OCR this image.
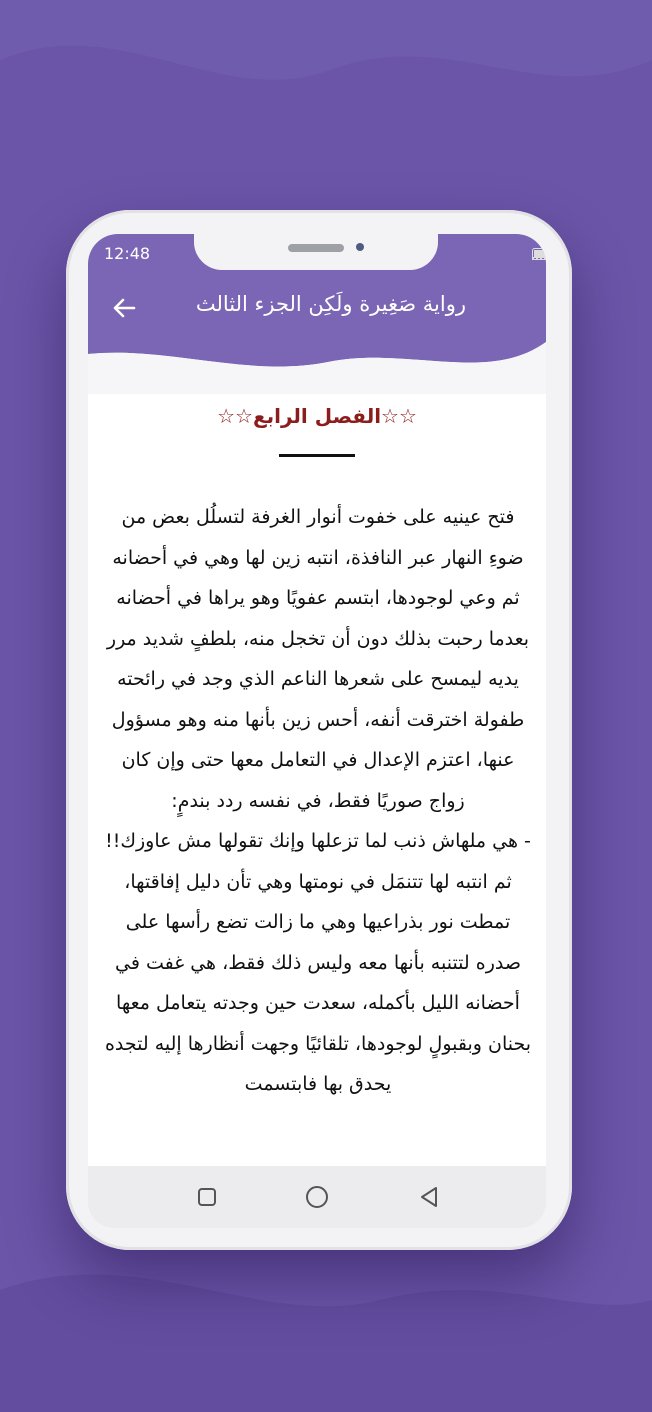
12:48
رواية صَغِيرة ولَكِن الجزء الثالث
☆☆الفصل الرابع☆☆

فتح عينيه على خفوت أنوار الغرفة لتسلُل بعض من ضوءِ النهار عبر النافذة، انتبه زين لها وهي في أحضانه ثم وعي لوجودها، ابتسم عفويًا وهو يراها في أحضانه بعدما رحبت بذلك دون أن تخجل منه، بلطفٍ شديد مرر يديه ليمسح على شعرها الناعم الذي وجد في رائحته طفولة اخترقت أنفه، أحس زين بأنها منه وهو مسؤول عنها، اعتزم الإعدال في التعامل معها حتى وإن كان زواج صوريًا فقط، في نفسه ردد بندمٍ:

- هي ملهاش ذنب لما تزعلها وإنك تقولها مش عاوزك!!

ثم انتبه لها تتنمَل في نومتها وهي تأن دليل إفاقتها، تمطت نور بذراعيها وهي ما زالت تضع رأسها على صدره لتتنبه بأنها معه وليس ذلك فقط، هي غفت في أحضانه الليل بأكمله، سعدت حين وجدته يتعامل معها بحنان وبقبولٍ لوجودها، تلقائيًا وجهت أنظارها إليه لتجده يحدق بها فابتسمت
